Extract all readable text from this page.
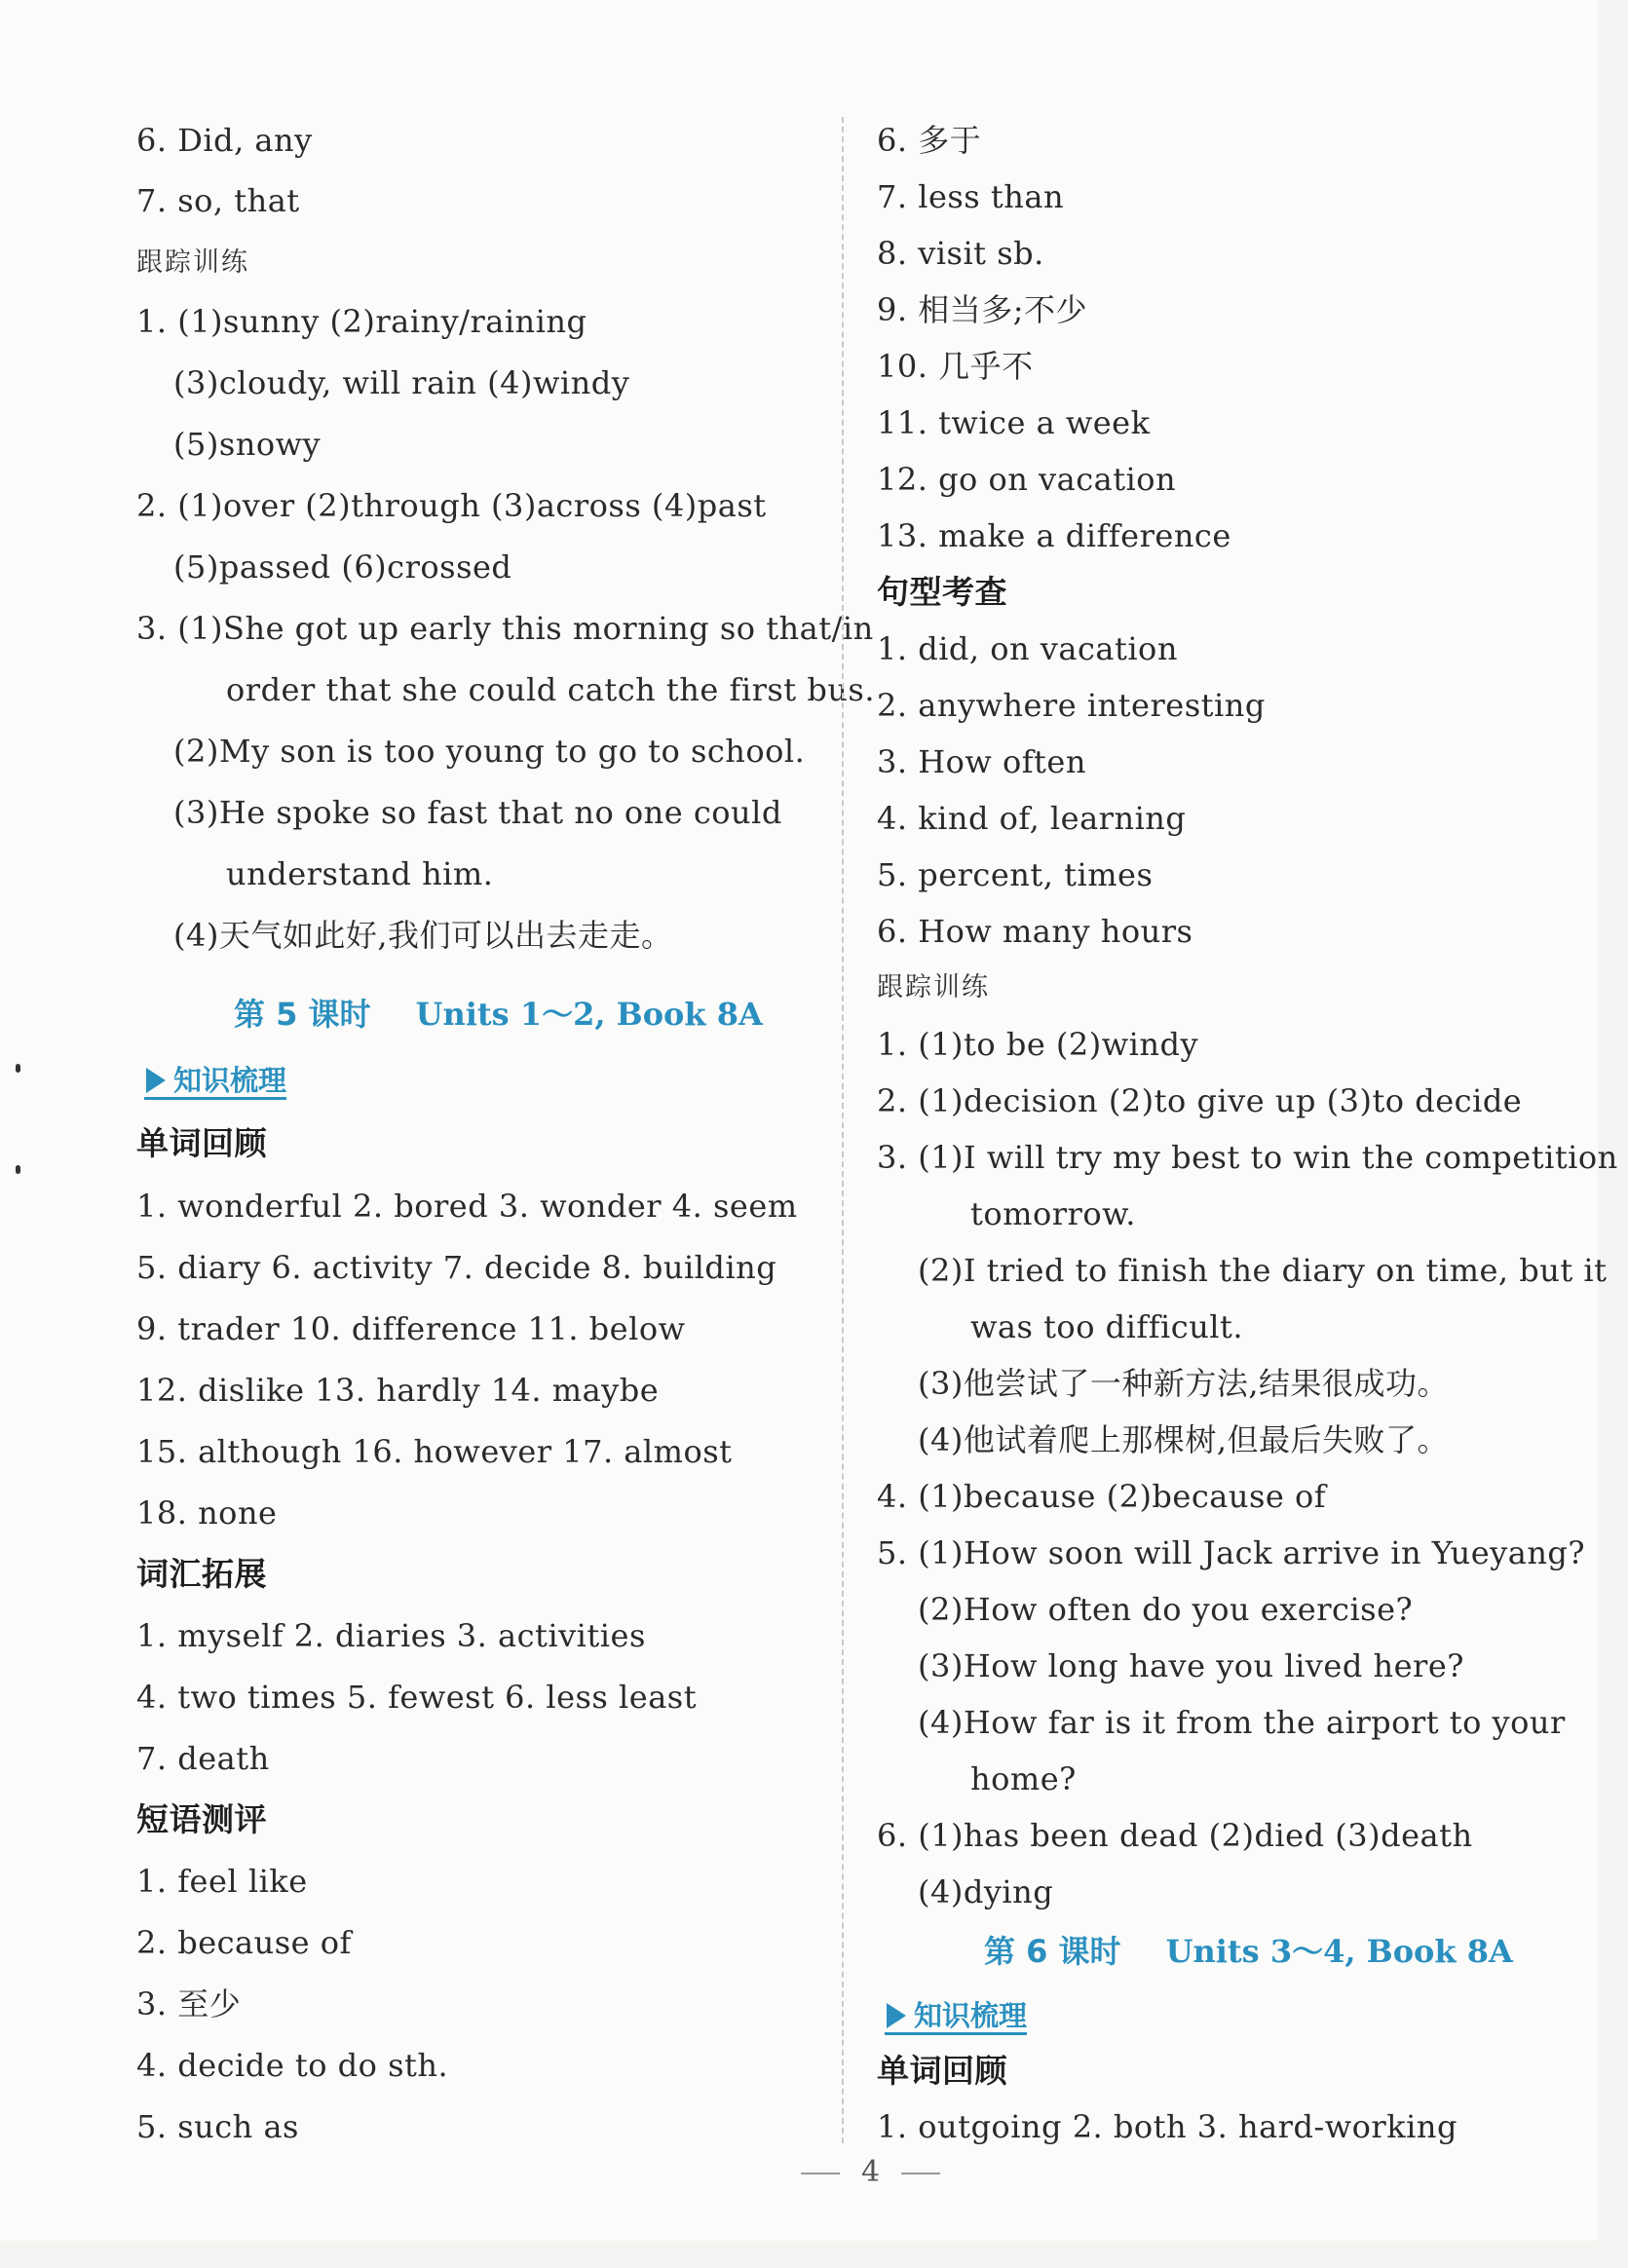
6. Did, any
7. so, that
跟踪训练
1. (1)sunny (2)rainy/raining
(3)cloudy, will rain (4)windy
(5)snowy
2. (1)over (2)through (3)across (4)past
(5)passed (6)crossed
3. (1)She got up early this morning so that/in
order that she could catch the first bus.
(2)My son is too young to go to school.
(3)He spoke so fast that no one could
understand him.
(4)天气如此好,我们可以出去走走。
第 5 课时 Units 1～2, Book 8A
知识梳理
单词回顾
1. wonderful 2. bored 3. wonder 4. seem
5. diary 6. activity 7. decide 8. building
9. trader 10. difference 11. below
12. dislike 13. hardly 14. maybe
15. although 16. however 17. almost
18. none
词汇拓展
1. myself 2. diaries 3. activities
4. two times 5. fewest 6. less least
7. death
短语测评
1. feel like
2. because of
3. 至少
4. decide to do sth.
5. such as
6. 多于
7. less than
8. visit sb.
9. 相当多;不少
10. 几乎不
11. twice a week
12. go on vacation
13. make a difference
句型考查
1. did, on vacation
2. anywhere interesting
3. How often
4. kind of, learning
5. percent, times
6. How many hours
跟踪训练
1. (1)to be (2)windy
2. (1)decision (2)to give up (3)to decide
3. (1)I will try my best to win the competition
tomorrow.
(2)I tried to finish the diary on time, but it
was too difficult.
(3)他尝试了一种新方法,结果很成功。
(4)他试着爬上那棵树,但最后失败了。
4. (1)because (2)because of
5. (1)How soon will Jack arrive in Yueyang?
(2)How often do you exercise?
(3)How long have you lived here?
(4)How far is it from the airport to your
home?
6. (1)has been dead (2)died (3)death
(4)dying
第 6 课时 Units 3～4, Book 8A
知识梳理
单词回顾
1. outgoing 2. both 3. hard-working
4
